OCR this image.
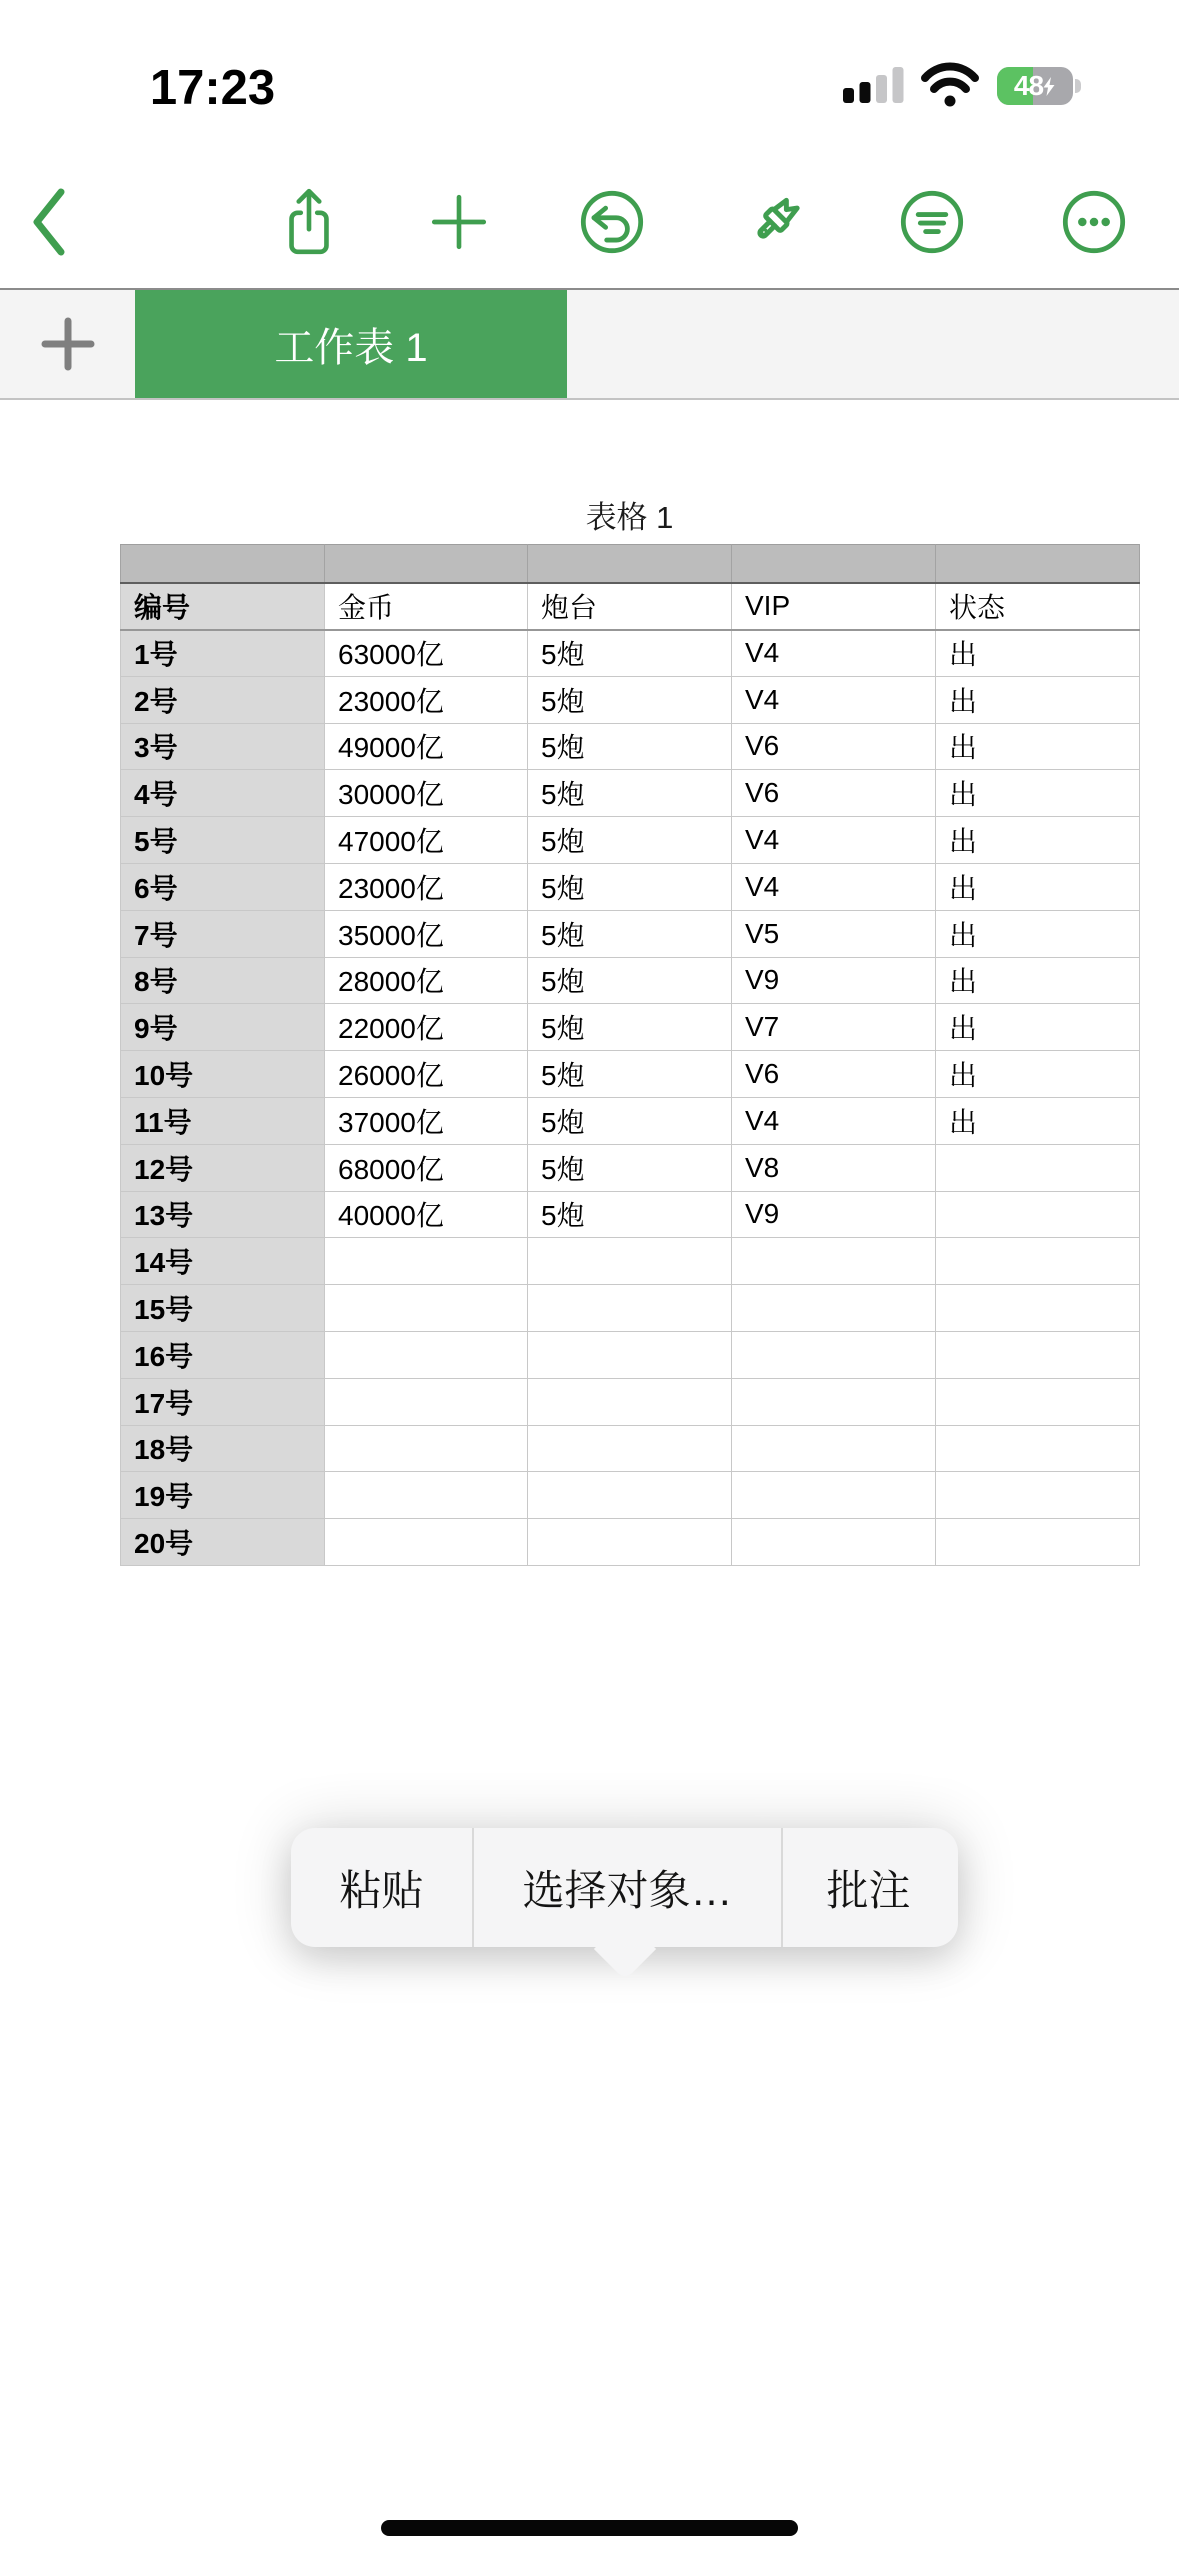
17:23	48
工作表 1
表格 1

编号	金币	炮台	VIP	状态
1号	63000亿	5炮	V4	出
2号	23000亿	5炮	V4	出
3号	49000亿	5炮	V6	出
4号	30000亿	5炮	V6	出
5号	47000亿	5炮	V4	出
6号	23000亿	5炮	V4	出
7号	35000亿	5炮	V5	出
8号	28000亿	5炮	V9	出
9号	22000亿	5炮	V7	出
10号	26000亿	5炮	V6	出
11号	37000亿	5炮	V4	出
12号	68000亿	5炮	V8	
13号	40000亿	5炮	V9	
14号				
15号				
16号				
17号				
18号				
19号				
20号				
粘贴	选择对象…	批注
